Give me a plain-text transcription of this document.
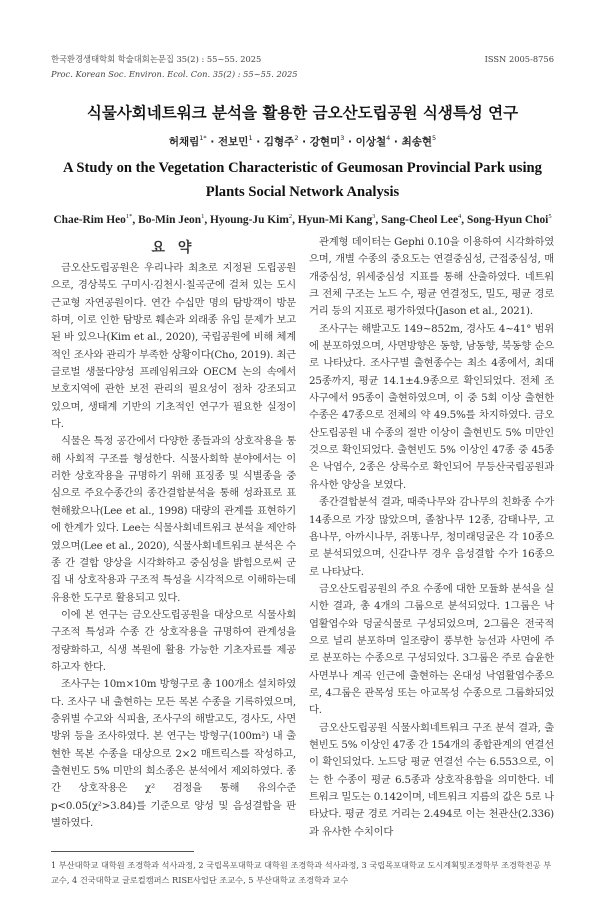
한국환경생태학회 학술대회논문집 35(2) : 55~55. 2025	ISSN 2005-8756
Proc. Korean Soc. Environ. Ecol. Con. 35(2) : 55~55. 2025
식물사회네트워크 분석을 활용한 금오산도립공원 식생특성 연구
허채림$^{1*}$ · 전보민$^1$ · 김형주$^2$ · 강현미$^3$ · 이상철$^4$ · 최송현$^5$
A Study on the Vegetation Characteristic of Geumosan Provincial Park using Plants Social Network Analysis
Chae-Rim Heo$^{1*}$, Bo-Min Jeon$^1$, Hyoung-Ju Kim$^2$, Hyun-Mi Kang$^3$, Sang-Cheol Lee$^4$, Song-Hyun Choi$^5$
요 약

금오산도립공원은 우리나라 최초로 지정된 도립공원으로, 경상북도 구미시·김천시·칠곡군에 걸쳐 있는 도시근교형 자연공원이다. 연간 수십만 명의 탐방객이 방문하며, 이로 인한 탐방로 훼손과 외래종 유입 문제가 보고된 바 있으나(Kim et al., 2020), 국립공원에 비해 체계적인 조사와 관리가 부족한 상황이다(Cho, 2019). 최근 글로벌 생물다양성 프레임워크와 OECM 논의 속에서 보호지역에 관한 보전 관리의 필요성이 점차 강조되고 있으며, 생태계 기반의 기초적인 연구가 필요한 실정이다.

식물은 특정 공간에서 다양한 종들과의 상호작용을 통해 사회적 구조를 형성한다. 식물사회학 분야에서는 이러한 상호작용을 규명하기 위해 표징종 및 식별종을 중심으로 주요수종간의 종간결합분석을 통해 성좌표로 표현해왔으나(Lee et al., 1998) 대량의 관계를 표현하기에 한계가 있다. Lee는 식물사회네트워크 분석을 제안하였으며(Lee et al., 2020), 식물사회네트워크 분석은 수종 간 결합 양상을 시각화하고 중심성을 밝힘으로써 군집 내 상호작용과 구조적 특성을 시각적으로 이해하는데 유용한 도구로 활용되고 있다.

이에 본 연구는 금오산도립공원을 대상으로 식물사회 구조적 특성과 수종 간 상호작용을 규명하여 관계성을 정량화하고, 식생 복원에 활용 가능한 기초자료를 제공하고자 한다.

조사구는 10m×10m 방형구로 총 100개소 설치하였다. 조사구 내 출현하는 모든 목본 수종을 기록하였으며, 층위별 수고와 식피율, 조사구의 해발고도, 경사도, 사면방위 등을 조사하였다. 본 연구는 방형구(100m²) 내 출현한 목본 수종을 대상으로 2×2 매트릭스를 작성하고, 출현빈도 5% 미만의 희소종은 분석에서 제외하였다. 종간 상호작용은 χ² 검정을 통해 유의수준 p<0.05(χ²>3.84)를 기준으로 양성 및 음성결합을 판별하였다.

관계형 데이터는 Gephi 0.10을 이용하여 시각화하였으며, 개별 수종의 중요도는 연결중심성, 근접중심성, 매개중심성, 위세중심성 지표를 통해 산출하였다. 네트워크 전체 구조는 노드 수, 평균 연결정도, 밀도, 평균 경로 거리 등의 지표로 평가하였다(Jason et al., 2021).

조사구는 해발고도 149~852m, 경사도 4~41° 범위에 분포하였으며, 사면방향은 동향, 남동향, 북동향 순으로 나타났다. 조사구별 출현종수는 최소 4종에서, 최대 25종까지, 평균 14.1±4.9종으로 확인되었다. 전체 조사구에서 95종이 출현하였으며, 이 중 5회 이상 출현한 수종은 47종으로 전체의 약 49.5%를 차지하였다. 금오산도립공원 내 수종의 절반 이상이 출현빈도 5% 미만인 것으로 확인되었다. 출현빈도 5% 이상인 47종 중 45종은 낙엽수, 2종은 상록수로 확인되어 무등산국립공원과 유사한 양상을 보였다.

종간결합분석 결과, 때죽나무와 감나무의 친화종 수가 14종으로 가장 많았으며, 졸참나무 12종, 감태나무, 고욤나무, 아까시나무, 쥐똥나무, 청미래덩굴은 각 10종으로 분석되었으며, 신갈나무 경우 음성결합 수가 16종으로 나타났다.

금오산도립공원의 주요 수종에 대한 모듈화 분석을 실시한 결과, 총 4개의 그룹으로 분석되었다. 1그룹은 낙엽활엽수와 덩굴식물로 구성되었으며, 2그룹은 전국적으로 널리 분포하며 일조량이 풍부한 능선과 사면에 주로 분포하는 수종으로 구성되었다. 3그룹은 주로 습윤한 사면부나 계곡 인근에 출현하는 온대성 낙엽활엽수종으로, 4그룹은 관목성 또는 아교목성 수종으로 그룹화되었다.

금오산도립공원 식물사회네트워크 구조 분석 결과, 출현빈도 5% 이상인 47종 간 154개의 종합관계의 연결선이 확인되었다. 노드당 평균 연결선 수는 6.553으로, 이는 한 수종이 평균 6.5종과 상호작용함을 의미한다. 네트워크 밀도는 0.142이며, 네트워크 지름의 값은 5로 나타났다. 평균 경로 거리는 2.494로 이는 천관산(2.336)과 유사한 수치이다

1 부산대학교 대학원 조경학과 석사과정, 2 국립목포대학교 대학원 조경학과 석사과정, 3 국립목포대학교 도시계획및조경학부 조경학전공 부교수, 4 건국대학교 글로컬캠퍼스 RISE사업단 조교수, 5 부산대학교 조경학과 교수
